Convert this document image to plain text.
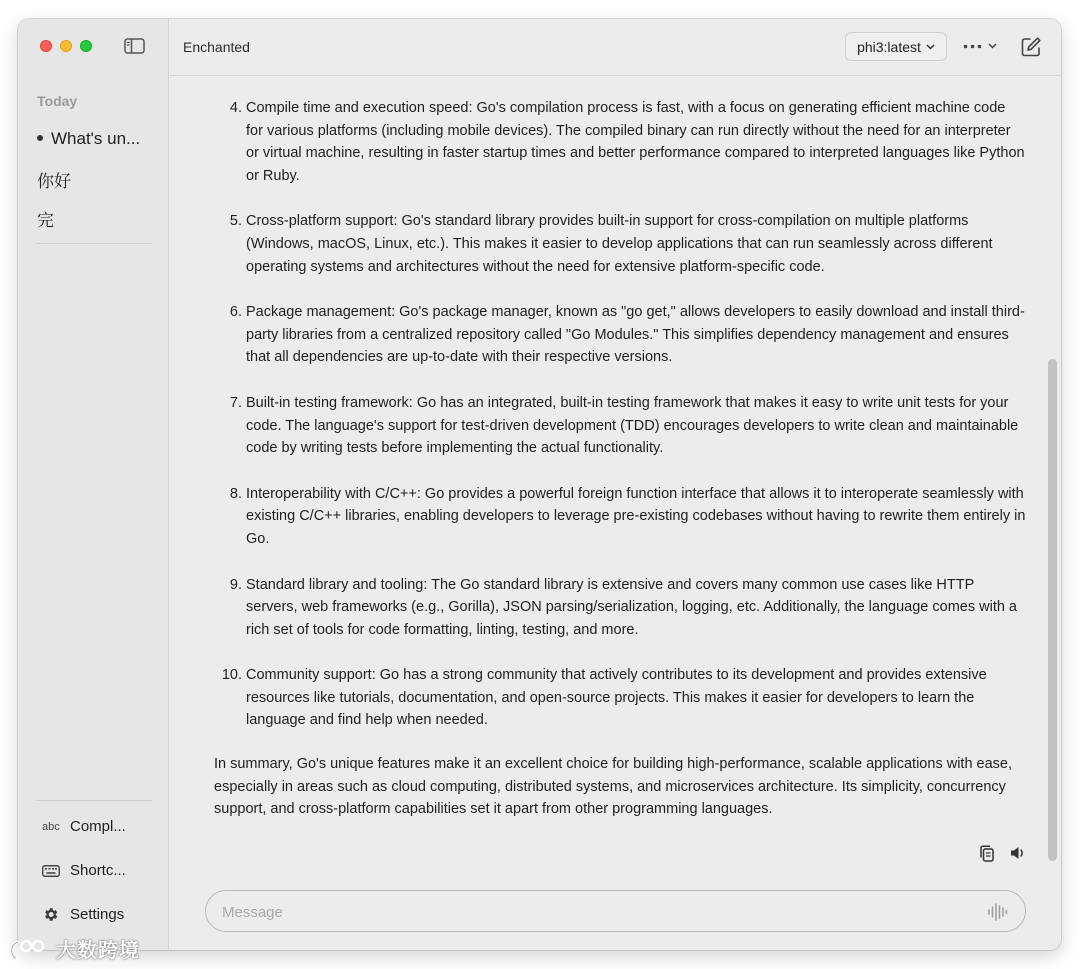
Today
What's un...
你好
完
abc Compl...
Shortc...
Settings
Enchanted	phi3:latest
4. Compile time and execution speed: Go's compilation process is fast, with a focus on generating efficient machine code for various platforms (including mobile devices). The compiled binary can run directly without the need for an interpreter or virtual machine, resulting in faster startup times and better performance compared to interpreted languages like Python or Ruby.
5. Cross-platform support: Go's standard library provides built-in support for cross-compilation on multiple platforms (Windows, macOS, Linux, etc.). This makes it easier to develop applications that can run seamlessly across different operating systems and architectures without the need for extensive platform-specific code.
6. Package management: Go's package manager, known as "go get," allows developers to easily download and install third-party libraries from a centralized repository called "Go Modules." This simplifies dependency management and ensures that all dependencies are up-to-date with their respective versions.
7. Built-in testing framework: Go has an integrated, built-in testing framework that makes it easy to write unit tests for your code. The language's support for test-driven development (TDD) encourages developers to write clean and maintainable code by writing tests before implementing the actual functionality.
8. Interoperability with C/C++: Go provides a powerful foreign function interface that allows it to interoperate seamlessly with existing C/C++ libraries, enabling developers to leverage pre-existing codebases without having to rewrite them entirely in Go.
9. Standard library and tooling: The Go standard library is extensive and covers many common use cases like HTTP servers, web frameworks (e.g., Gorilla), JSON parsing/serialization, logging, etc. Additionally, the language comes with a rich set of tools for code formatting, linting, testing, and more.
10. Community support: Go has a strong community that actively contributes to its development and provides extensive resources like tutorials, documentation, and open-source projects. This makes it easier for developers to learn the language and find help when needed.

In summary, Go's unique features make it an excellent choice for building high-performance, scalable applications with ease, especially in areas such as cloud computing, distributed systems, and microservices architecture. Its simplicity, concurrency support, and cross-platform capabilities set it apart from other programming languages.

Message
大数跨境
